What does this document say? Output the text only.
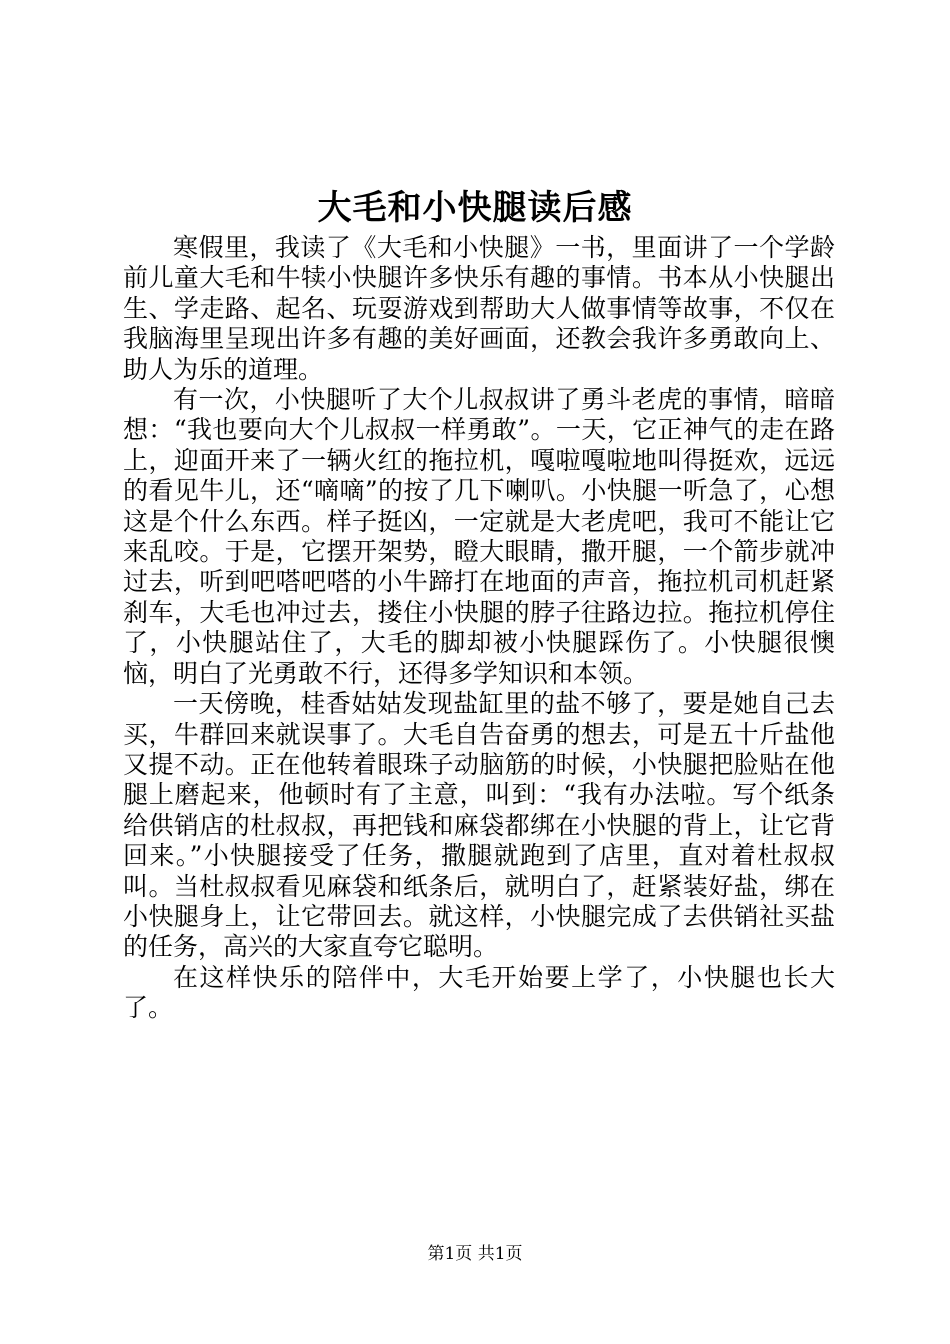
大毛和小快腿读后感

寒假里，我读了《大毛和小快腿》一书，里面讲了一个学龄前儿童大毛和牛犊小快腿许多快乐有趣的事情。书本从小快腿出生、学走路、起名、玩耍游戏到帮助大人做事情等故事，不仅在我脑海里呈现出许多有趣的美好画面，还教会我许多勇敢向上、助人为乐的道理。

有一次，小快腿听了大个儿叔叔讲了勇斗老虎的事情，暗暗想：“我也要向大个儿叔叔一样勇敢”。一天，它正神气的走在路上，迎面开来了一辆火红的拖拉机，嘎啦嘎啦地叫得挺欢，远远的看见牛儿，还“嘀嘀”的按了几下喇叭。小快腿一听急了，心想这是个什么东西。样子挺凶，一定就是大老虎吧，我可不能让它来乱咬。于是，它摆开架势，瞪大眼睛，撒开腿，一个箭步就冲过去，听到吧嗒吧嗒的小牛蹄打在地面的声音，拖拉机司机赶紧刹车，大毛也冲过去，搂住小快腿的脖子往路边拉。拖拉机停住了，小快腿站住了，大毛的脚却被小快腿踩伤了。小快腿很懊恼，明白了光勇敢不行，还得多学知识和本领。

一天傍晚，桂香姑姑发现盐缸里的盐不够了，要是她自己去买，牛群回来就误事了。大毛自告奋勇的想去，可是五十斤盐他又提不动。正在他转着眼珠子动脑筋的时候，小快腿把脸贴在他腿上磨起来，他顿时有了主意，叫到：“我有办法啦。写个纸条给供销店的杜叔叔，再把钱和麻袋都绑在小快腿的背上，让它背回来。”小快腿接受了任务，撒腿就跑到了店里，直对着杜叔叔叫。当杜叔叔看见麻袋和纸条后，就明白了，赶紧装好盐，绑在小快腿身上，让它带回去。就这样，小快腿完成了去供销社买盐的任务，高兴的大家直夸它聪明。

在这样快乐的陪伴中，大毛开始要上学了，小快腿也长大了。

第1页 共1页
